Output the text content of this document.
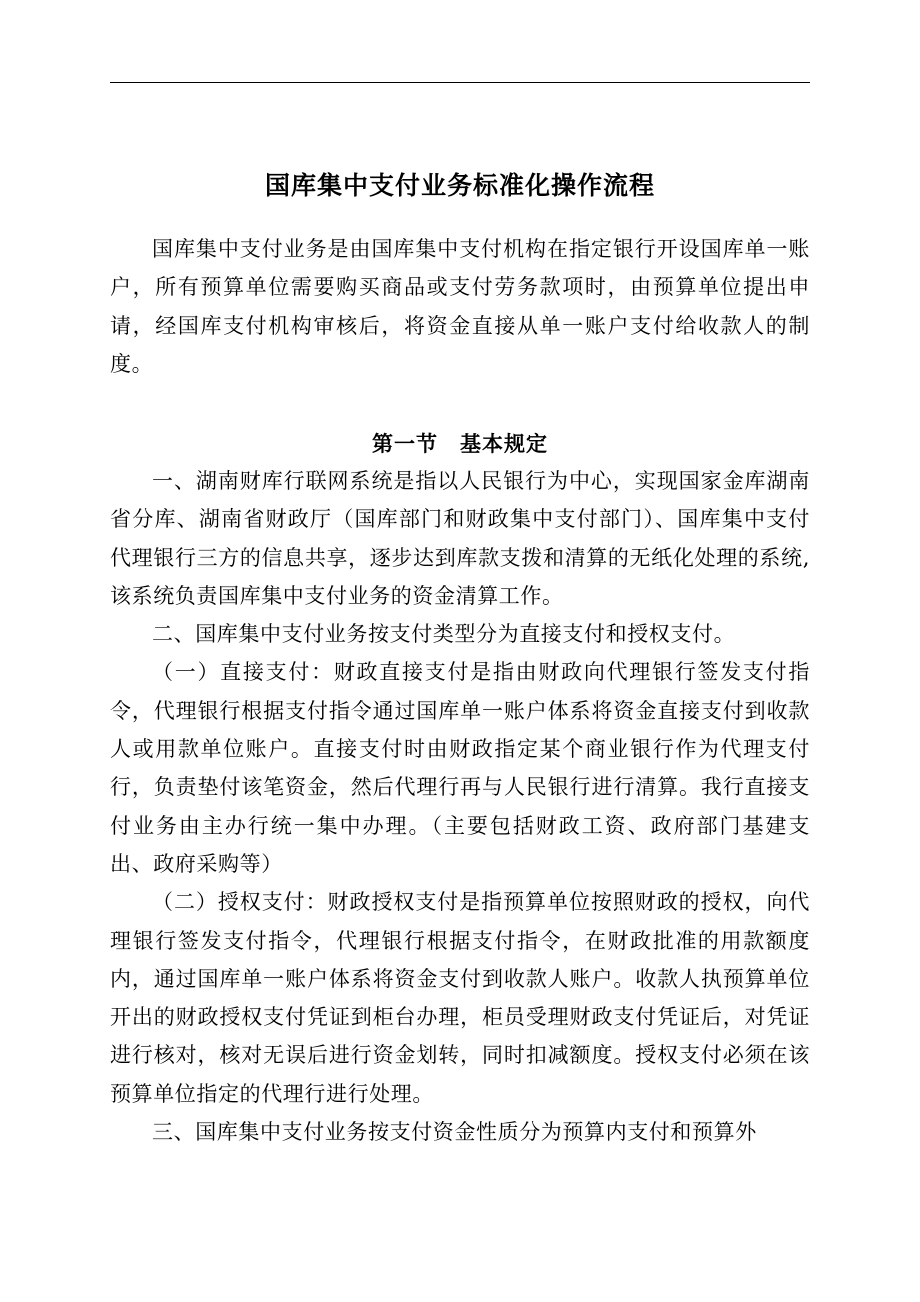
国库集中支付业务标准化操作流程

国库集中支付业务是由国库集中支付机构在指定银行开设国库单一账户，所有预算单位需要购买商品或支付劳务款项时，由预算单位提出申请，经国库支付机构审核后，将资金直接从单一账户支付给收款人的制度。

第一节　基本规定

一、湖南财库行联网系统是指以人民银行为中心，实现国家金库湖南省分库、湖南省财政厅（国库部门和财政集中支付部门）、国库集中支付代理银行三方的信息共享，逐步达到库款支拨和清算的无纸化处理的系统,该系统负责国库集中支付业务的资金清算工作。

二、国库集中支付业务按支付类型分为直接支付和授权支付。

（一）直接支付：财政直接支付是指由财政向代理银行签发支付指令，代理银行根据支付指令通过国库单一账户体系将资金直接支付到收款人或用款单位账户。直接支付时由财政指定某个商业银行作为代理支付行，负责垫付该笔资金，然后代理行再与人民银行进行清算。我行直接支付业务由主办行统一集中办理。（主要包括财政工资、政府部门基建支出、政府采购等）

（二）授权支付：财政授权支付是指预算单位按照财政的授权，向代理银行签发支付指令，代理银行根据支付指令，在财政批准的用款额度内，通过国库单一账户体系将资金支付到收款人账户。收款人执预算单位开出的财政授权支付凭证到柜台办理，柜员受理财政支付凭证后，对凭证进行核对，核对无误后进行资金划转，同时扣减额度。授权支付必须在该预算单位指定的代理行进行处理。

三、国库集中支付业务按支付资金性质分为预算内支付和预算外
